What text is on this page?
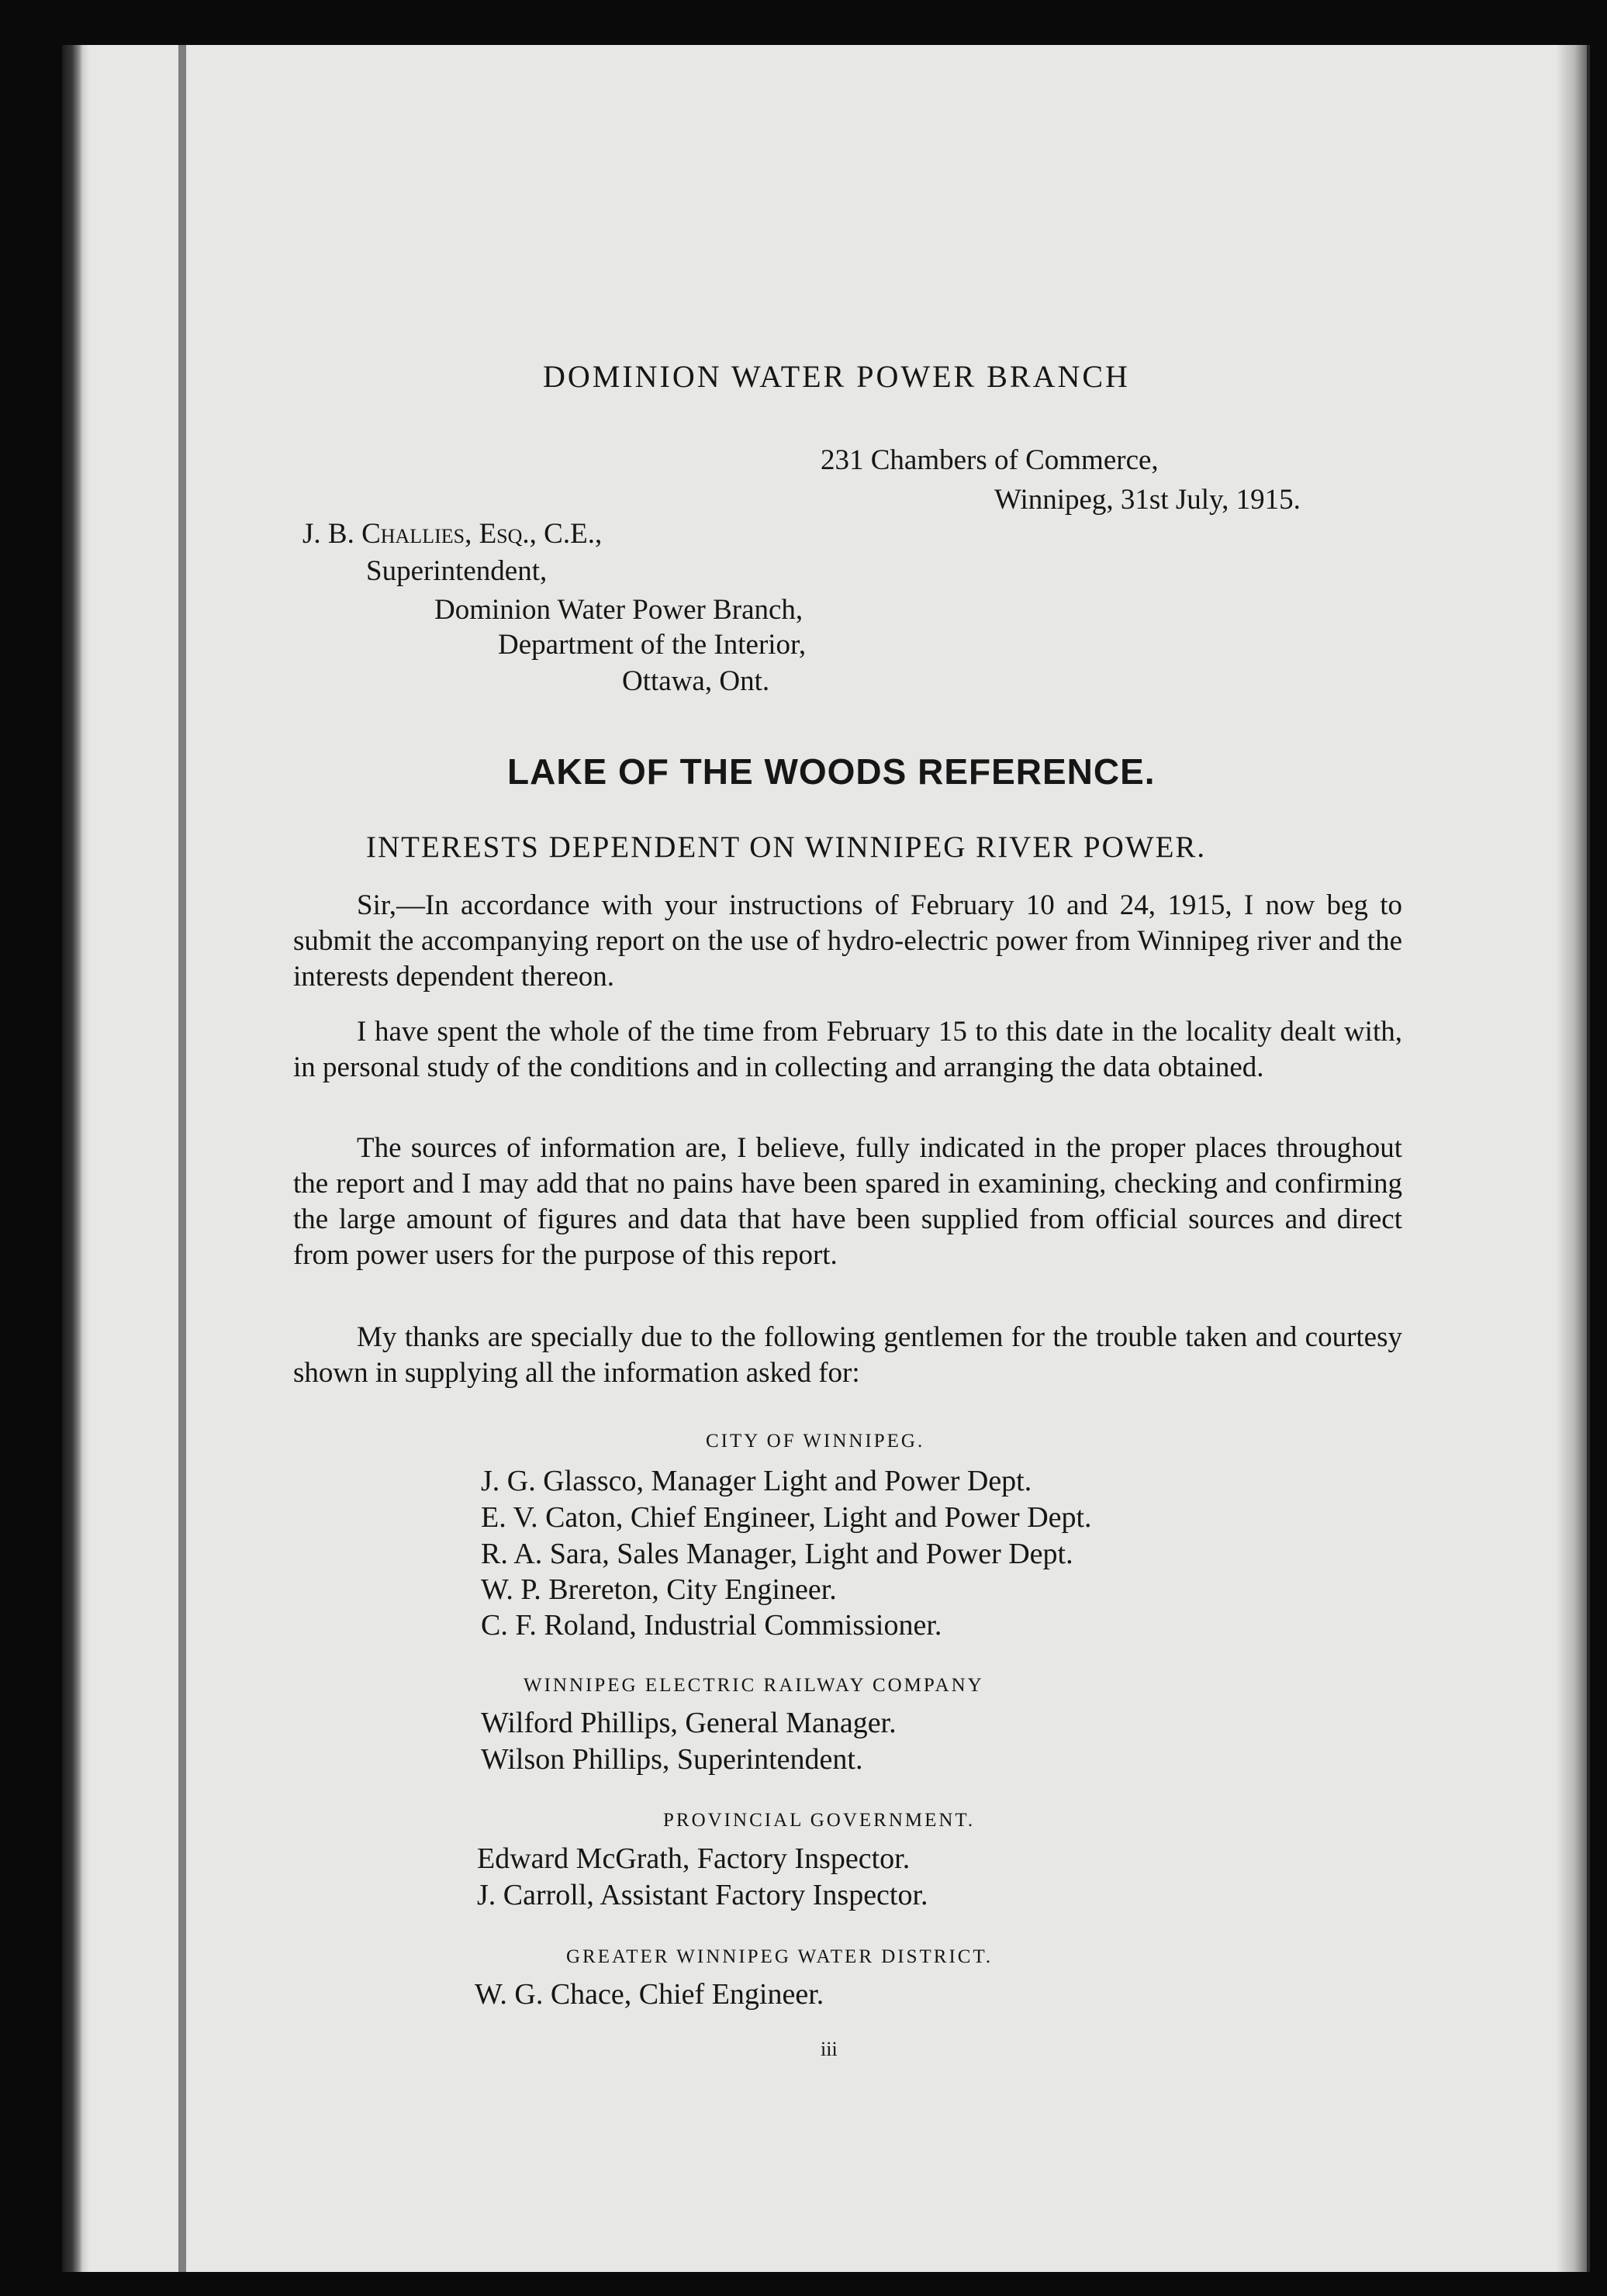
DOMINION WATER POWER BRANCH
231 Chambers of Commerce,
Winnipeg, 31st July, 1915.
J. B. Challies, Esq., C.E.,
Superintendent,
Dominion Water Power Branch,
Department of the Interior,
Ottawa, Ont.
LAKE OF THE WOODS REFERENCE.
INTERESTS DEPENDENT ON WINNIPEG RIVER POWER.

Sir,—In accordance with your instructions of February 10 and 24, 1915, I now beg to submit the accompanying report on the use of hydro-electric power from Winnipeg river and the interests dependent thereon.

I have spent the whole of the time from February 15 to this date in the locality dealt with, in personal study of the conditions and in collecting and arranging the data obtained.

The sources of information are, I believe, fully indicated in the proper places throughout the report and I may add that no pains have been spared in examining, checking and confirming the large amount of figures and data that have been supplied from official sources and direct from power users for the purpose of this report.

My thanks are specially due to the following gentlemen for the trouble taken and courtesy shown in supplying all the information asked for:

CITY OF WINNIPEG.
J. G. Glassco, Manager Light and Power Dept.
E. V. Caton, Chief Engineer, Light and Power Dept.
R. A. Sara, Sales Manager, Light and Power Dept.
W. P. Brereton, City Engineer.
C. F. Roland, Industrial Commissioner.
WINNIPEG ELECTRIC RAILWAY COMPANY
Wilford Phillips, General Manager.
Wilson Phillips, Superintendent.
PROVINCIAL GOVERNMENT.
Edward McGrath, Factory Inspector.
J. Carroll, Assistant Factory Inspector.
GREATER WINNIPEG WATER DISTRICT.
W. G. Chace, Chief Engineer.
iii
